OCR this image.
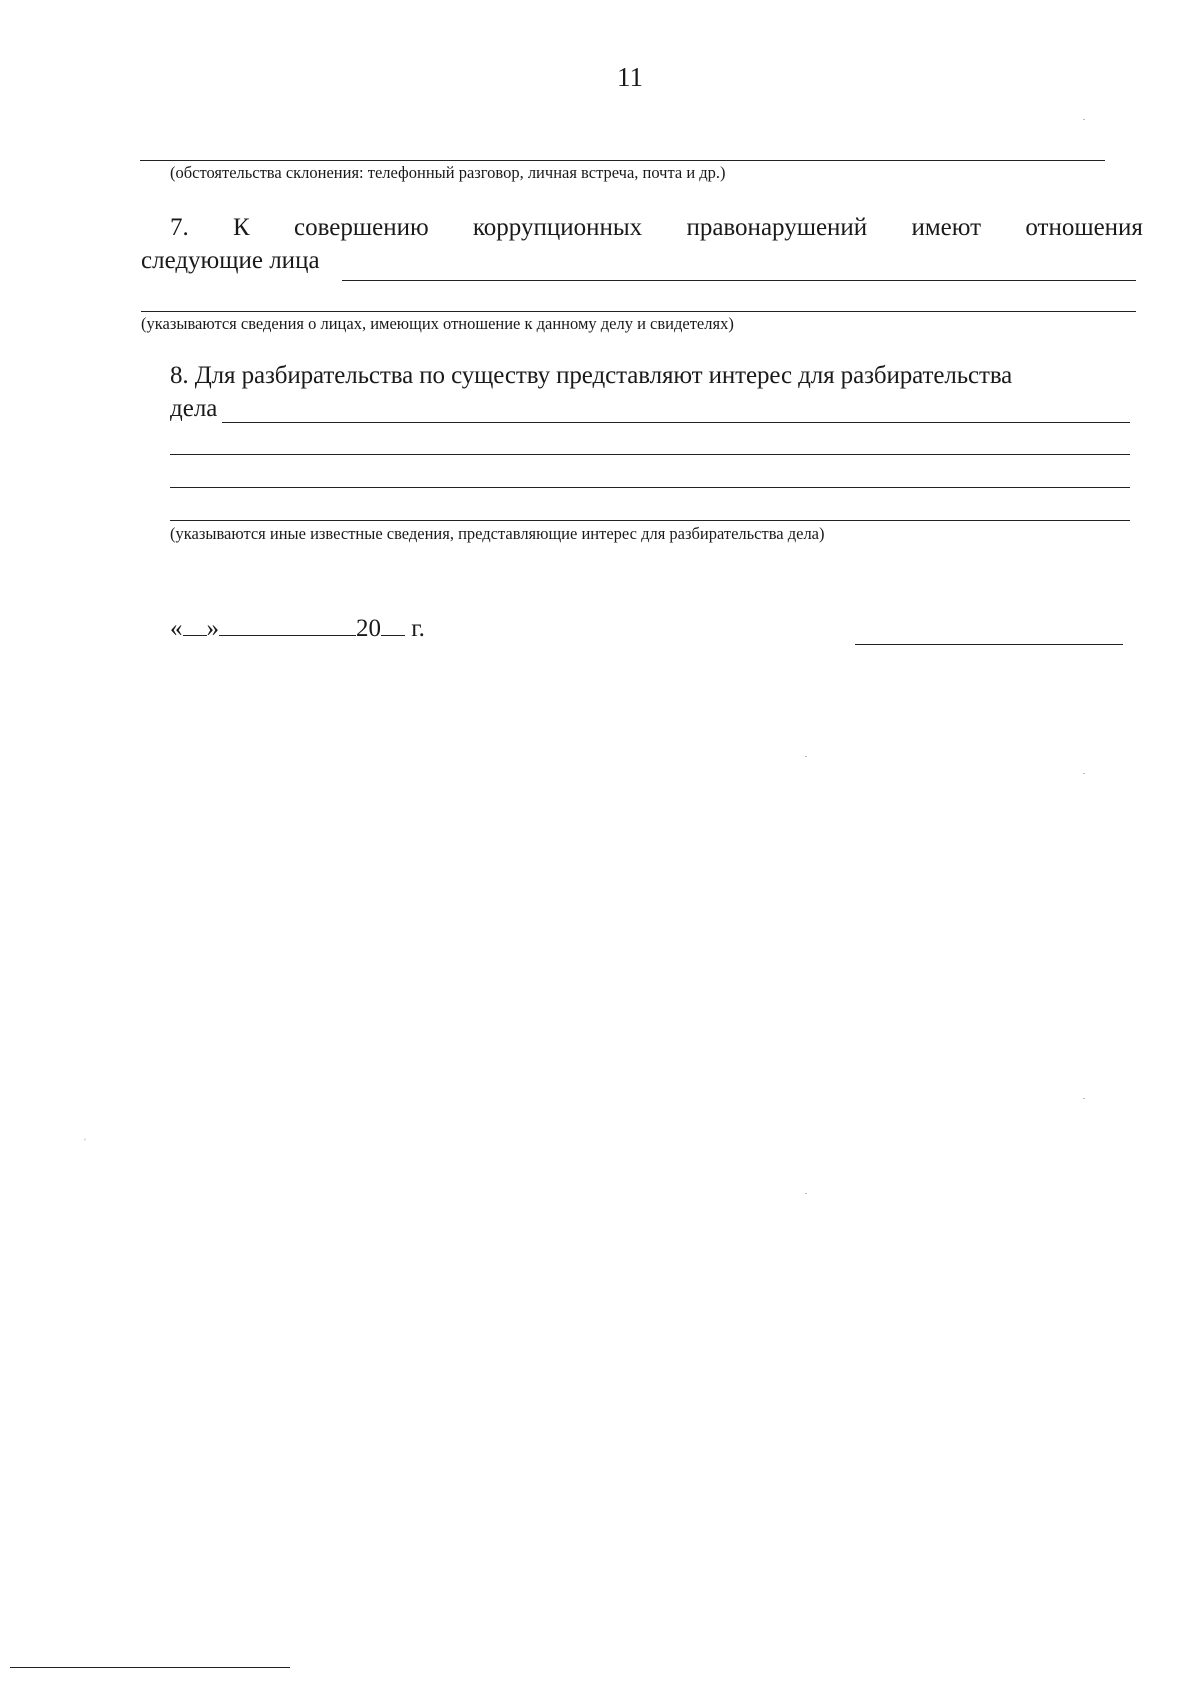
11
(обстоятельства склонения: телефонный разговор, личная встреча, почта и др.)
7. К совершению коррупционных правонарушений имеют отношения
следующие лица
(указываются сведения о лицах, имеющих отношение к данному делу и свидетелях)
8. Для разбирательства по существу представляют интерес для разбирательства
дела
(указываются иные известные сведения, представляющие интерес для разбирательства дела)
« »	20 г.
